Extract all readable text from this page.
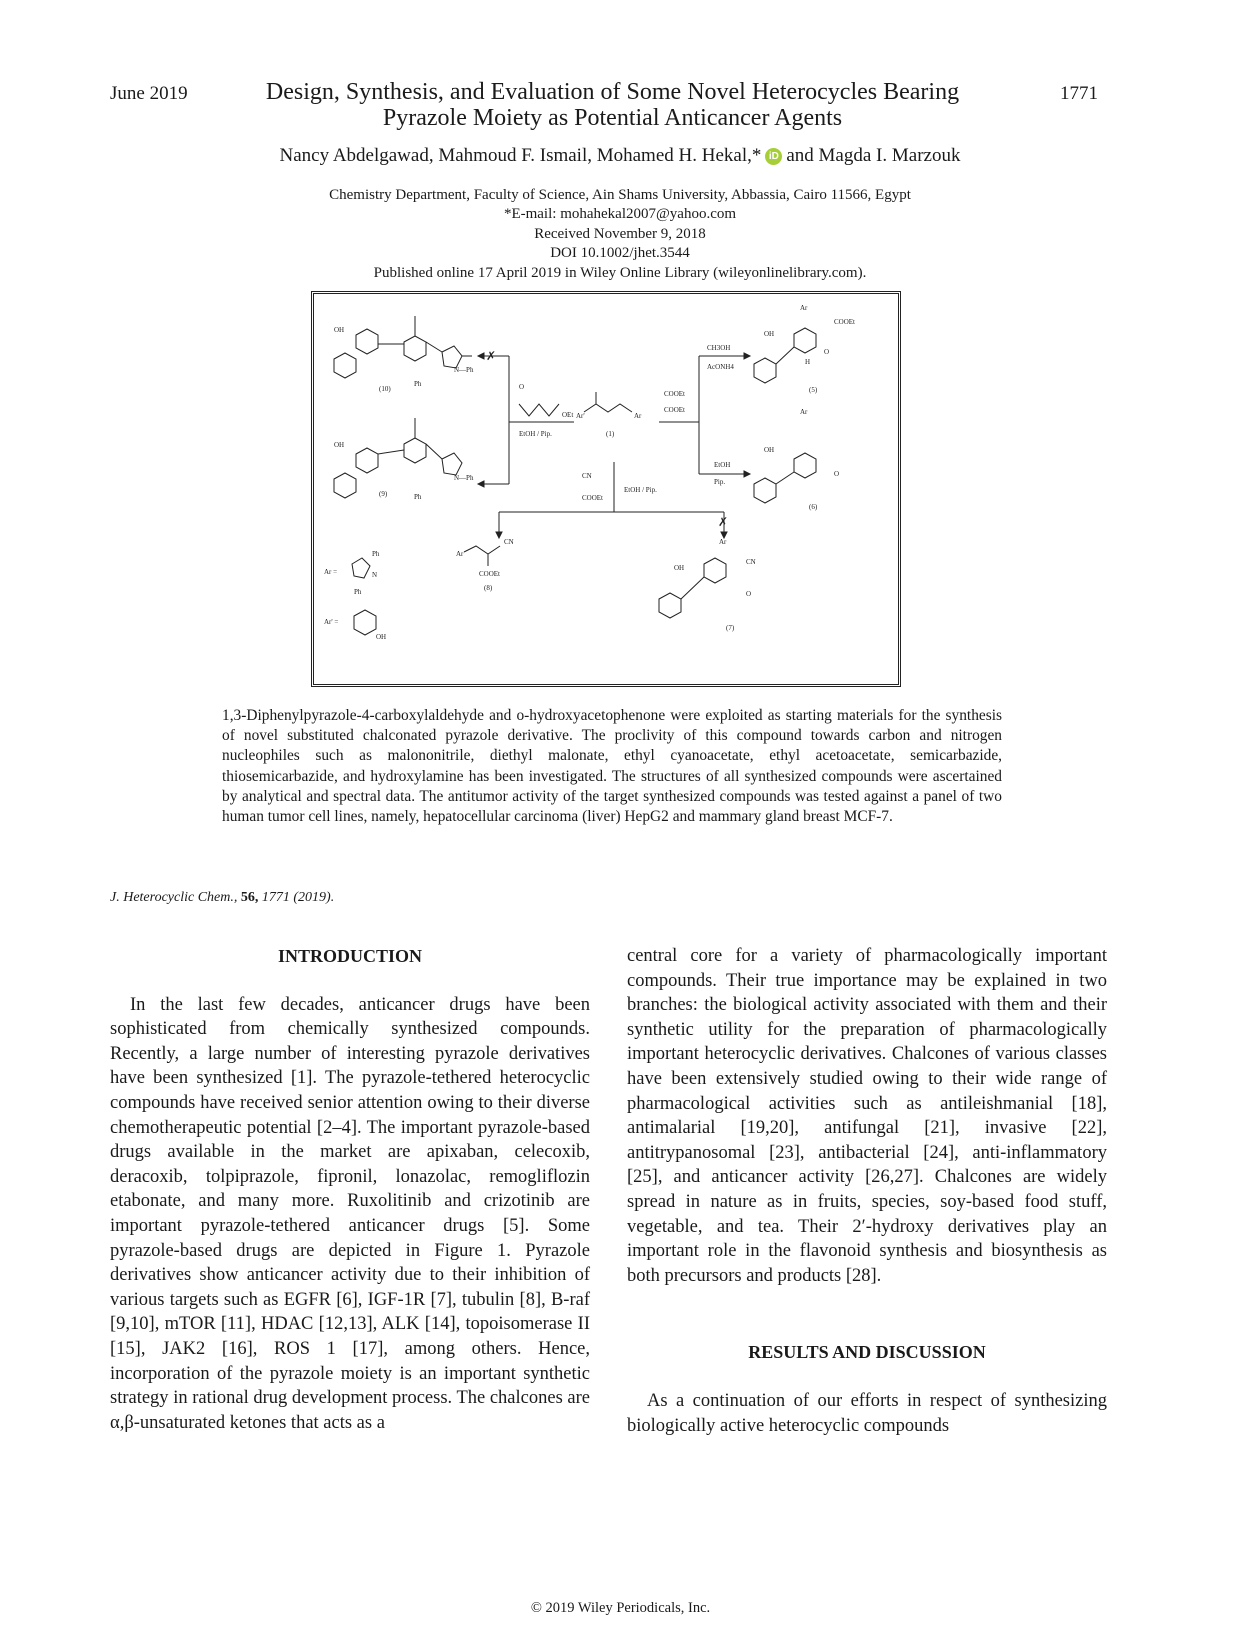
June 2019	Design, Synthesis, and Evaluation of Some Novel Heterocycles Bearing Pyrazole Moiety as Potential Anticancer Agents
1771
Nancy Abdelgawad, Mahmoud F. Ismail, Mohamed H. Hekal,* iD and Magda I. Marzouk
Chemistry Department, Faculty of Science, Ain Shams University, Abbassia, Cairo 11566, Egypt
*E-mail: mohahekal2007@yahoo.com
Received November 9, 2018
DOI 10.1002/jhet.3544
Published online 17 April 2019 in Wiley Online Library (wileyonlinelibrary.com).
OH
N—Ph
Ph
(10)
OH
N—Ph
Ph
(9)
✗
O
OEt
EtOH / Pip.
Ar'	Ar
(1)
COOEt
COOEt
CH3OH
AcONH4
EtOH
Pip.
Ar
COOEt
OH
H
O
(5)
Ar
OH
O
(6)
✗
CN
COOEt
EtOH / Pip.
Ar
CN
COOEt
(8)
Ar
OH
CN
O
(7)
Ar =
Ph
N
Ph
Ar' =
OH
1,3-Diphenylpyrazole-4-carboxylaldehyde and o-hydroxyacetophenone were exploited as starting materials for the synthesis of novel substituted chalconated pyrazole derivative. The proclivity of this compound towards carbon and nitrogen nucleophiles such as malononitrile, diethyl malonate, ethyl cyanoacetate, ethyl acetoacetate, semicarbazide, thiosemicarbazide, and hydroxylamine has been investigated. The structures of all synthesized compounds were ascertained by analytical and spectral data. The antitumor activity of the target synthesized compounds was tested against a panel of two human tumor cell lines, namely, hepatocellular carcinoma (liver) HepG2 and mammary gland breast MCF-7.
J. Heterocyclic Chem., 56, 1771 (2019).
INTRODUCTION

In the last few decades, anticancer drugs have been sophisticated from chemically synthesized compounds. Recently, a large number of interesting pyrazole derivatives have been synthesized [1]. The pyrazole-tethered heterocyclic compounds have received senior attention owing to their diverse chemotherapeutic potential [2–4]. The important pyrazole-based drugs available in the market are apixaban, celecoxib, deracoxib, tolpiprazole, fipronil, lonazolac, remogliflozin etabonate, and many more. Ruxolitinib and crizotinib are important pyrazole-tethered anticancer drugs [5]. Some pyrazole-based drugs are depicted in Figure 1. Pyrazole derivatives show anticancer activity due to their inhibition of various targets such as EGFR [6], IGF-1R [7], tubulin [8], B-raf [9,10], mTOR [11], HDAC [12,13], ALK [14], topoisomerase II [15], JAK2 [16], ROS 1 [17], among others. Hence, incorporation of the pyrazole moiety is an important synthetic strategy in rational drug development process. The chalcones are α,β-unsaturated ketones that acts as a

central core for a variety of pharmacologically important compounds. Their true importance may be explained in two branches: the biological activity associated with them and their synthetic utility for the preparation of pharmacologically important heterocyclic derivatives. Chalcones of various classes have been extensively studied owing to their wide range of pharmacological activities such as antileishmanial [18], antimalarial [19,20], antifungal [21], invasive [22], antitrypanosomal [23], antibacterial [24], anti-inflammatory [25], and anticancer activity [26,27]. Chalcones are widely spread in nature as in fruits, species, soy-based food stuff, vegetable, and tea. Their 2′-hydroxy derivatives play an important role in the flavonoid synthesis and biosynthesis as both precursors and products [28].

RESULTS AND DISCUSSION

As a continuation of our efforts in respect of synthesizing biologically active heterocyclic compounds

© 2019 Wiley Periodicals, Inc.
